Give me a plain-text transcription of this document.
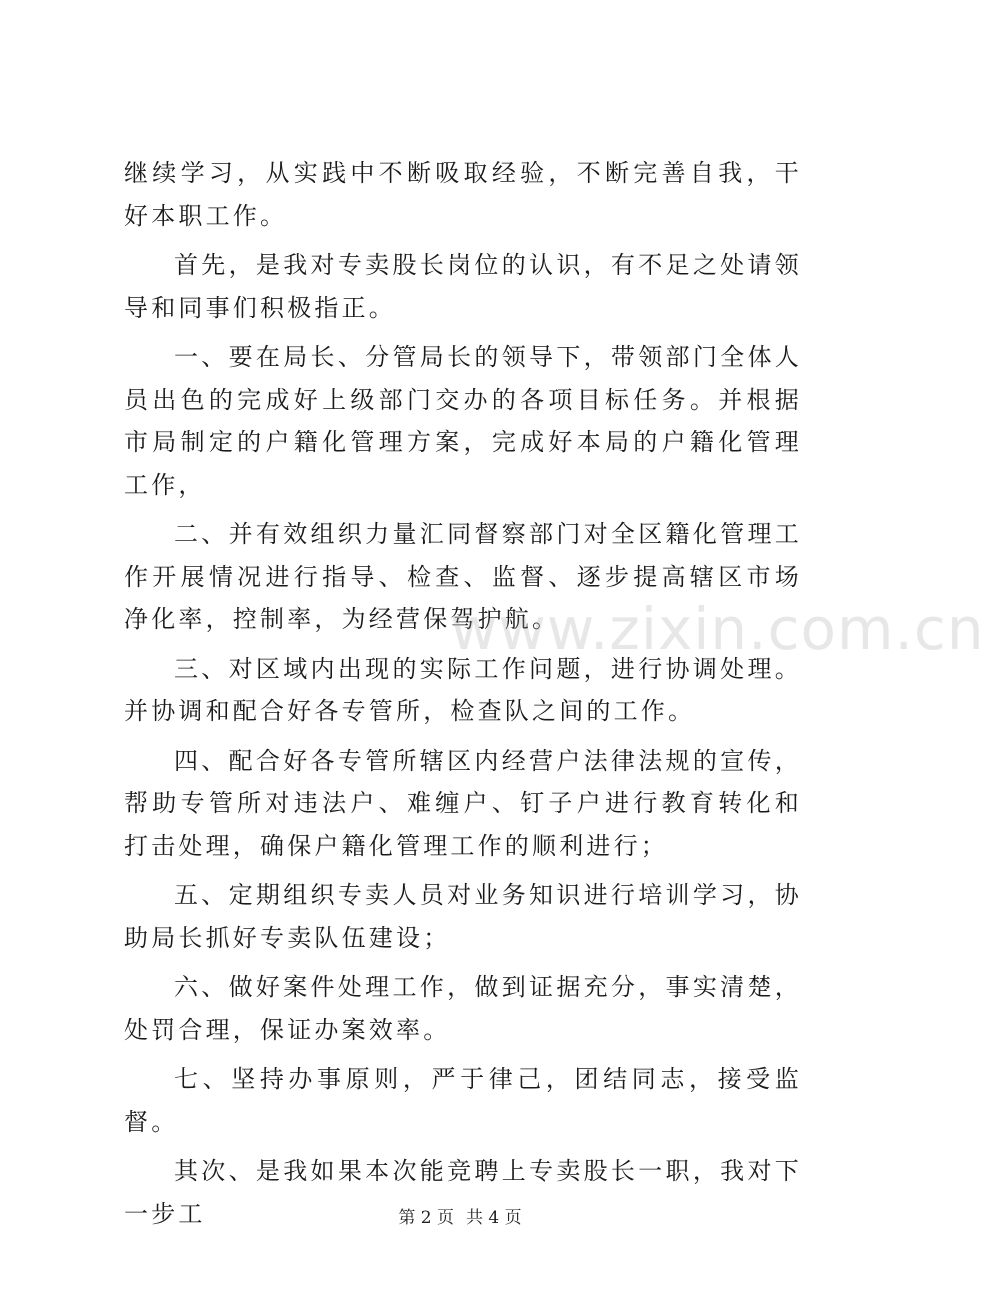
继续学习，从实践中不断吸取经验，不断完善自我，干好本职工作。

首先，是我对专卖股长岗位的认识，有不足之处请领导和同事们积极指正。

一、要在局长、分管局长的领导下，带领部门全体人员出色的完成好上级部门交办的各项目标任务。并根据市局制定的户籍化管理方案，完成好本局的户籍化管理工作，

二、并有效组织力量汇同督察部门对全区籍化管理工作开展情况进行指导、检查、监督、逐步提高辖区市场净化率，控制率，为经营保驾护航。

三、对区域内出现的实际工作问题，进行协调处理。并协调和配合好各专管所，检查队之间的工作。

四、配合好各专管所辖区内经营户法律法规的宣传，帮助专管所对违法户、难缠户、钉子户进行教育转化和打击处理，确保户籍化管理工作的顺利进行；

五、定期组织专卖人员对业务知识进行培训学习，协助局长抓好专卖队伍建设；

六、做好案件处理工作，做到证据充分，事实清楚，处罚合理，保证办案效率。

七、坚持办事原则，严于律己，团结同志，接受监督。

其次、是我如果本次能竞聘上专卖股长一职，我对下一步工

www.zixin.com.cn
第 2 页 共 4 页
